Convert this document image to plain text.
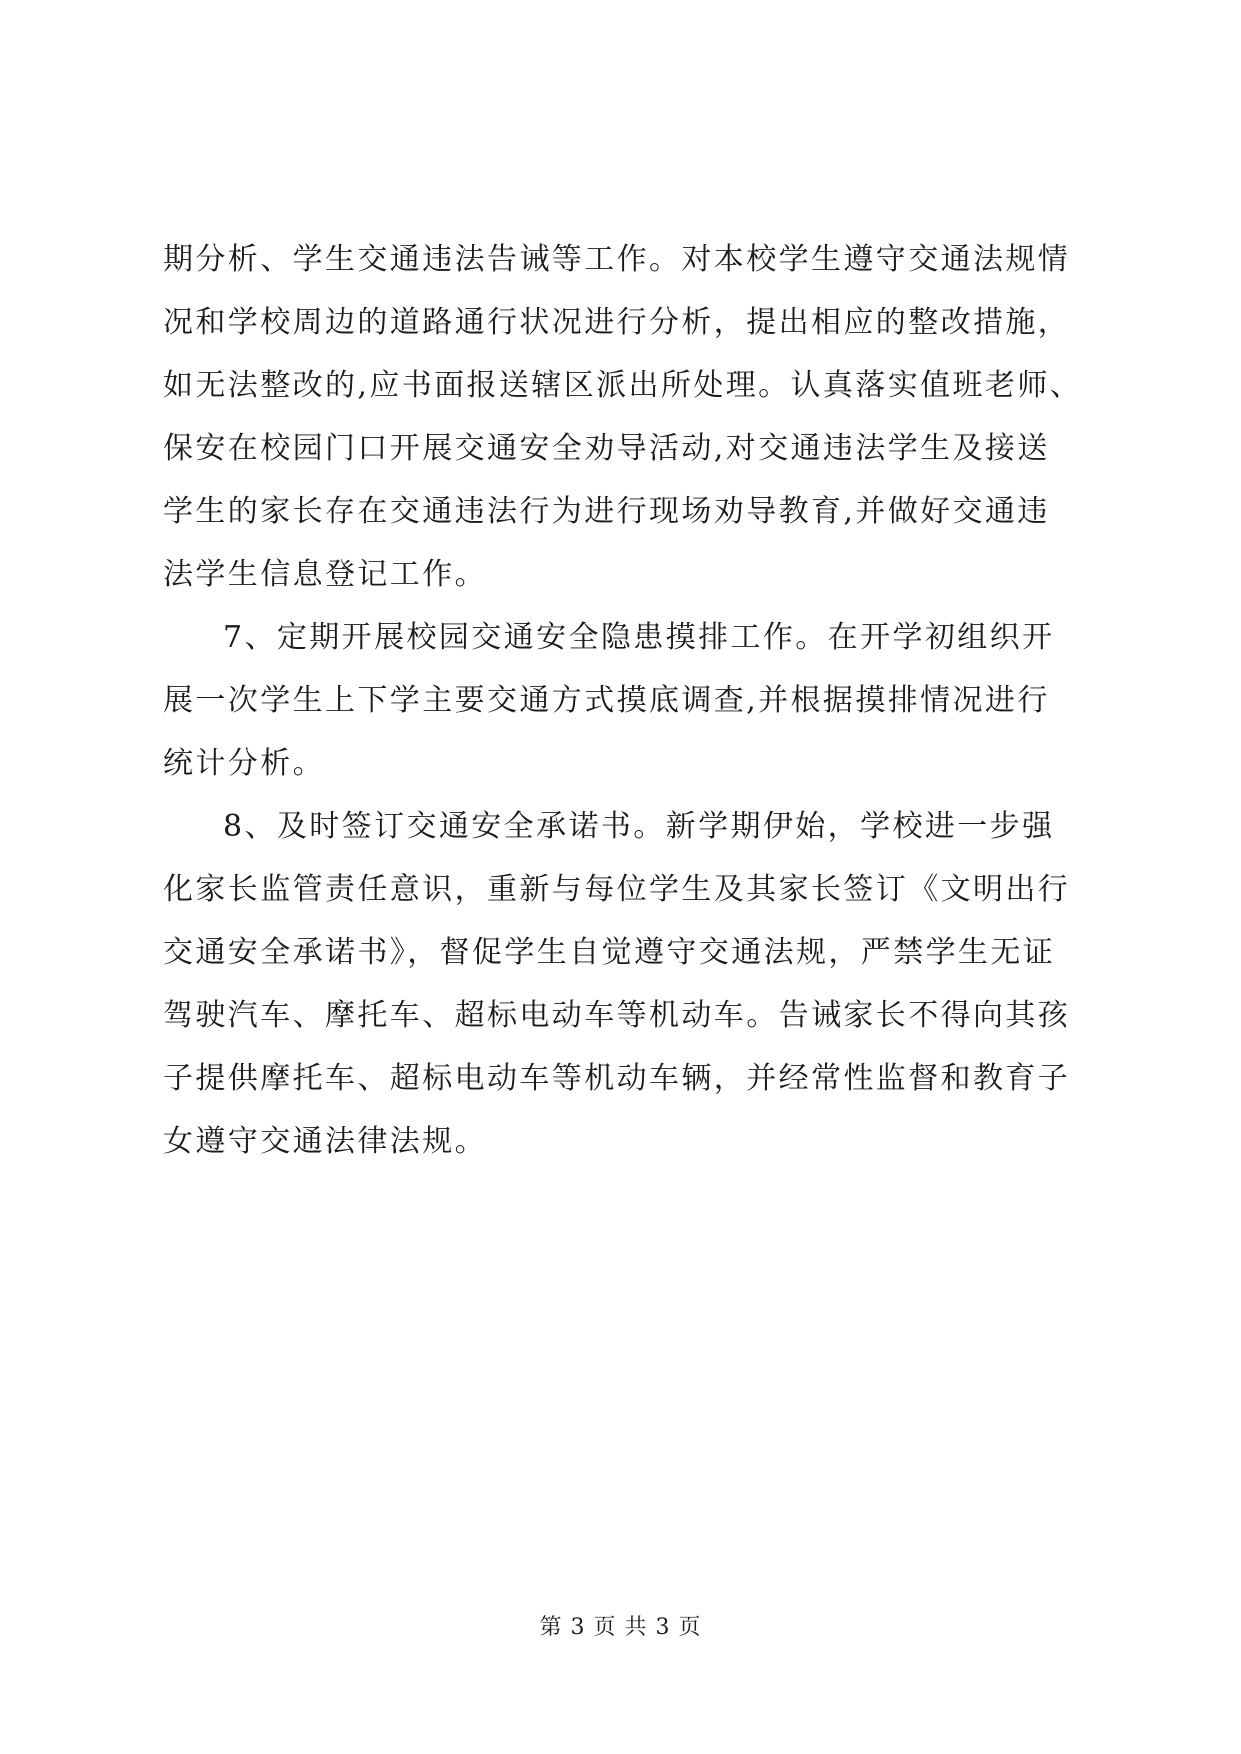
期分析、学生交通违法告诫等工作。对本校学生遵守交通法规情
况和学校周边的道路通行状况进行分析，提出相应的整改措施，
如无法整改的,应书面报送辖区派出所处理。认真落实值班老师、
保安在校园门口开展交通安全劝导活动,对交通违法学生及接送
学生的家长存在交通违法行为进行现场劝导教育,并做好交通违
法学生信息登记工作。
7、定期开展校园交通安全隐患摸排工作。在开学初组织开
展一次学生上下学主要交通方式摸底调查,并根据摸排情况进行
统计分析。
8、及时签订交通安全承诺书。新学期伊始，学校进一步强
化家长监管责任意识，重新与每位学生及其家长签订《文明出行
交通安全承诺书》，督促学生自觉遵守交通法规，严禁学生无证
驾驶汽车、摩托车、超标电动车等机动车。告诫家长不得向其孩
子提供摩托车、超标电动车等机动车辆，并经常性监督和教育子
女遵守交通法律法规。
第 3 页 共 3 页
